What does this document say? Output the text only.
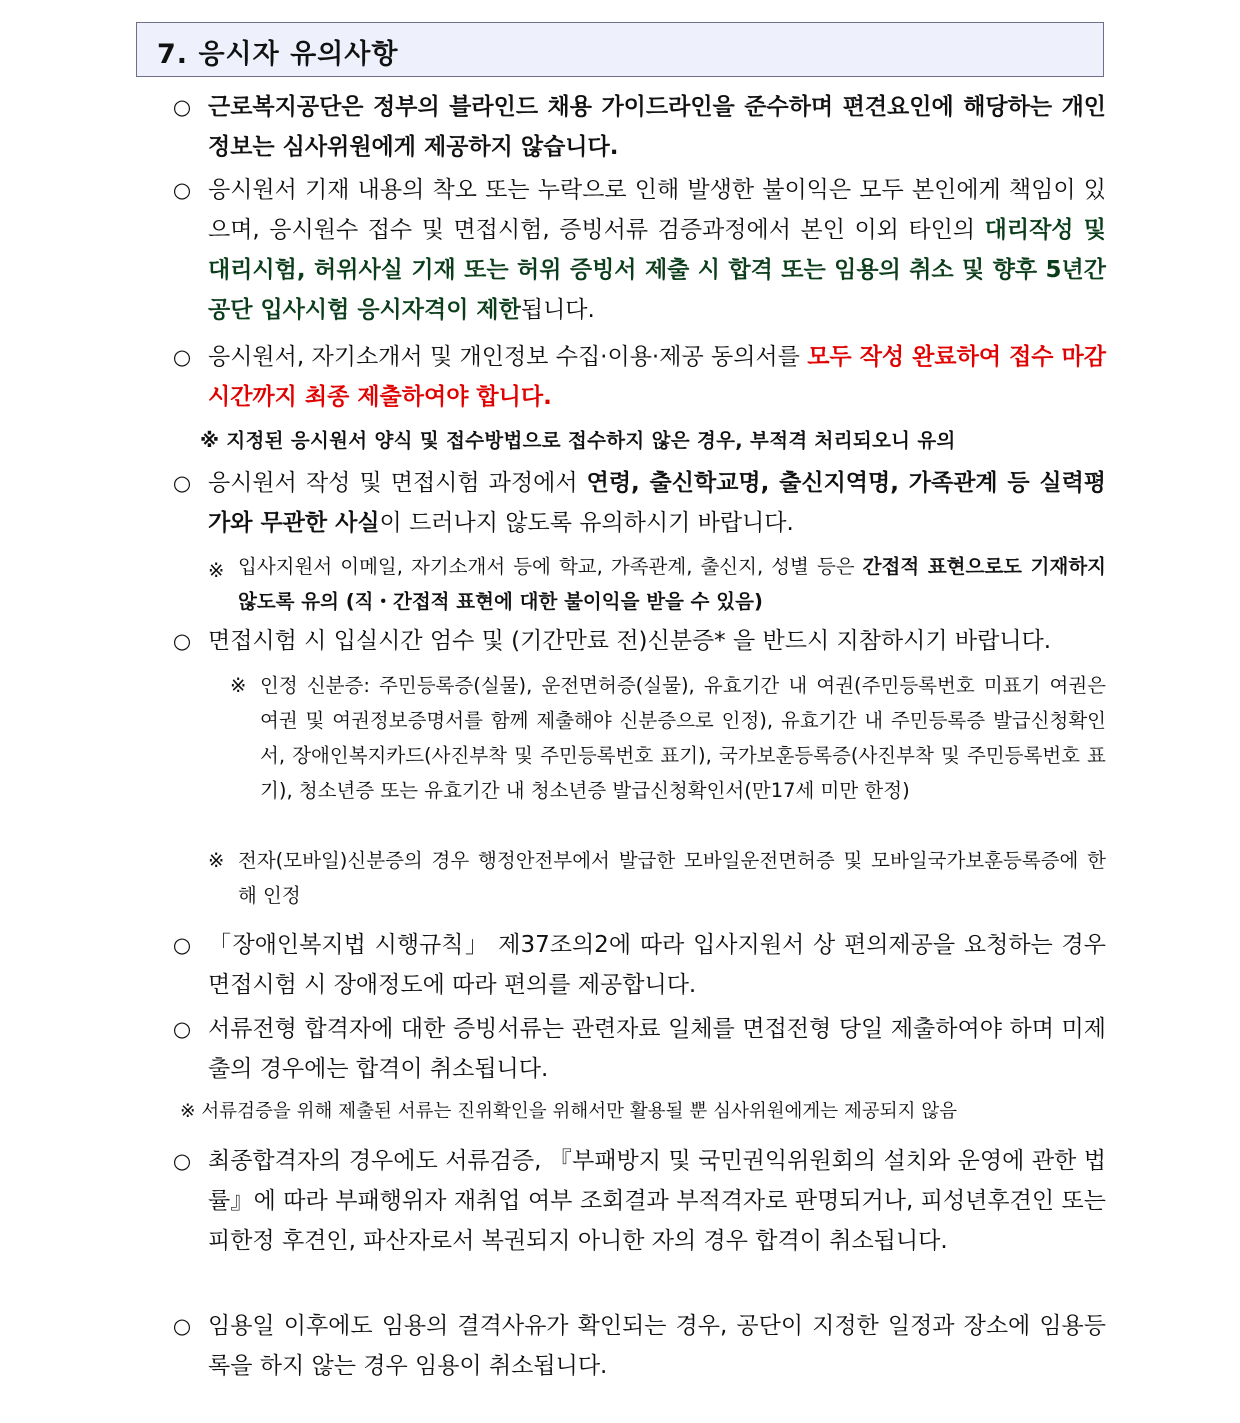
7. 응시자 유의사항
○ 근로복지공단은 정부의 블라인드 채용 가이드라인을 준수하며 편견요인에 해당하는 개인정보는 심사위원에게 제공하지 않습니다.

○ 응시원서 기재 내용의 착오 또는 누락으로 인해 발생한 불이익은 모두 본인에게 책임이 있으며, 응시원수 접수 및 면접시험, 증빙서류 검증과정에서 본인 이외 타인의 대리작성 및 대리시험, 허위사실 기재 또는 허위 증빙서 제출 시 합격 또는 임용의 취소 및 향후 5년간 공단 입사시험 응시자격이 제한됩니다.

○ 응시원서, 자기소개서 및 개인정보 수집·이용·제공 동의서를 모두 작성 완료하여 접수 마감시간까지 최종 제출하여야 합니다.

※ 지정된 응시원서 양식 및 접수방법으로 접수하지 않은 경우, 부적격 처리되오니 유의
○ 응시원서 작성 및 면접시험 과정에서 연령, 출신학교명, 출신지역명, 가족관계 등 실력평가와 무관한 사실이 드러나지 않도록 유의하시기 바랍니다.

※ 입사지원서 이메일, 자기소개서 등에 학교, 가족관계, 출신지, 성별 등은 간접적 표현으로도 기재하지 않도록 유의 (직・간접적 표현에 대한 불이익을 받을 수 있음)

○ 면접시험 시 입실시간 엄수 및 (기간만료 전)신분증* 을 반드시 지참하시기 바랍니다.

※ 인정 신분증: 주민등록증(실물), 운전면허증(실물), 유효기간 내 여권(주민등록번호 미표기 여권은 여권 및 여권정보증명서를 함께 제출해야 신분증으로 인정), 유효기간 내 주민등록증 발급신청확인서, 장애인복지카드(사진부착 및 주민등록번호 표기), 국가보훈등록증(사진부착 및 주민등록번호 표기), 청소년증 또는 유효기간 내 청소년증 발급신청확인서(만17세 미만 한정)

※ 전자(모바일)신분증의 경우 행정안전부에서 발급한 모바일운전면허증 및 모바일국가보훈등록증에 한해 인정

○ 「장애인복지법 시행규칙」 제37조의2에 따라 입사지원서 상 편의제공을 요청하는 경우 면접시험 시 장애정도에 따라 편의를 제공합니다.

○ 서류전형 합격자에 대한 증빙서류는 관련자료 일체를 면접전형 당일 제출하여야 하며 미제출의 경우에는 합격이 취소됩니다.

※ 서류검증을 위해 제출된 서류는 진위확인을 위해서만 활용될 뿐 심사위원에게는 제공되지 않음
○ 최종합격자의 경우에도 서류검증, 『부패방지 및 국민권익위원회의 설치와 운영에 관한 법률』에 따라 부패행위자 재취업 여부 조회결과 부적격자로 판명되거나, 피성년후견인 또는 피한정 후견인, 파산자로서 복권되지 아니한 자의 경우 합격이 취소됩니다.

○ 임용일 이후에도 임용의 결격사유가 확인되는 경우, 공단이 지정한 일정과 장소에 임용등록을 하지 않는 경우 임용이 취소됩니다.
